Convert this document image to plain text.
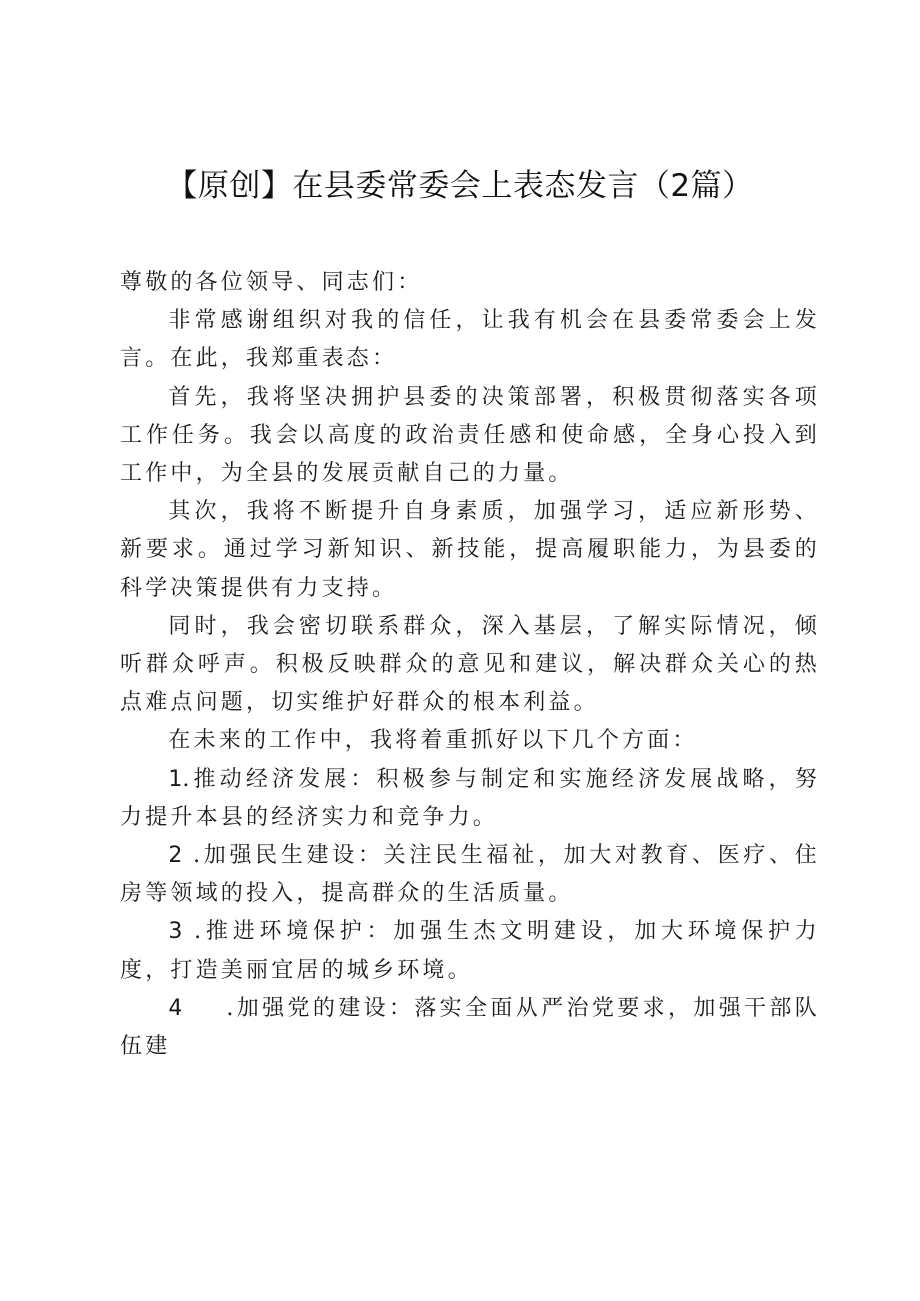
【原创】在县委常委会上表态发言（2篇）

尊敬的各位领导、同志们：

非常感谢组织对我的信任，让我有机会在县委常委会上发言。在此，我郑重表态：

首先，我将坚决拥护县委的决策部署，积极贯彻落实各项工作任务。我会以高度的政治责任感和使命感，全身心投入到工作中，为全县的发展贡献自己的力量。

其次，我将不断提升自身素质，加强学习，适应新形势、新要求。通过学习新知识、新技能，提高履职能力，为县委的科学决策提供有力支持。

同时，我会密切联系群众，深入基层，了解实际情况，倾听群众呼声。积极反映群众的意见和建议，解决群众关心的热点难点问题，切实维护好群众的根本利益。

在未来的工作中，我将着重抓好以下几个方面：

1.推动经济发展：积极参与制定和实施经济发展战略，努力提升本县的经济实力和竞争力。

2 .加强民生建设：关注民生福祉，加大对教育、医疗、住房等领域的投入，提高群众的生活质量。

3 .推进环境保护：加强生杰文明建设，加大环境保护力度，打造美丽宜居的城乡环境。

4 .加强党的建设：落实全面从严治党要求，加强干部队伍建
